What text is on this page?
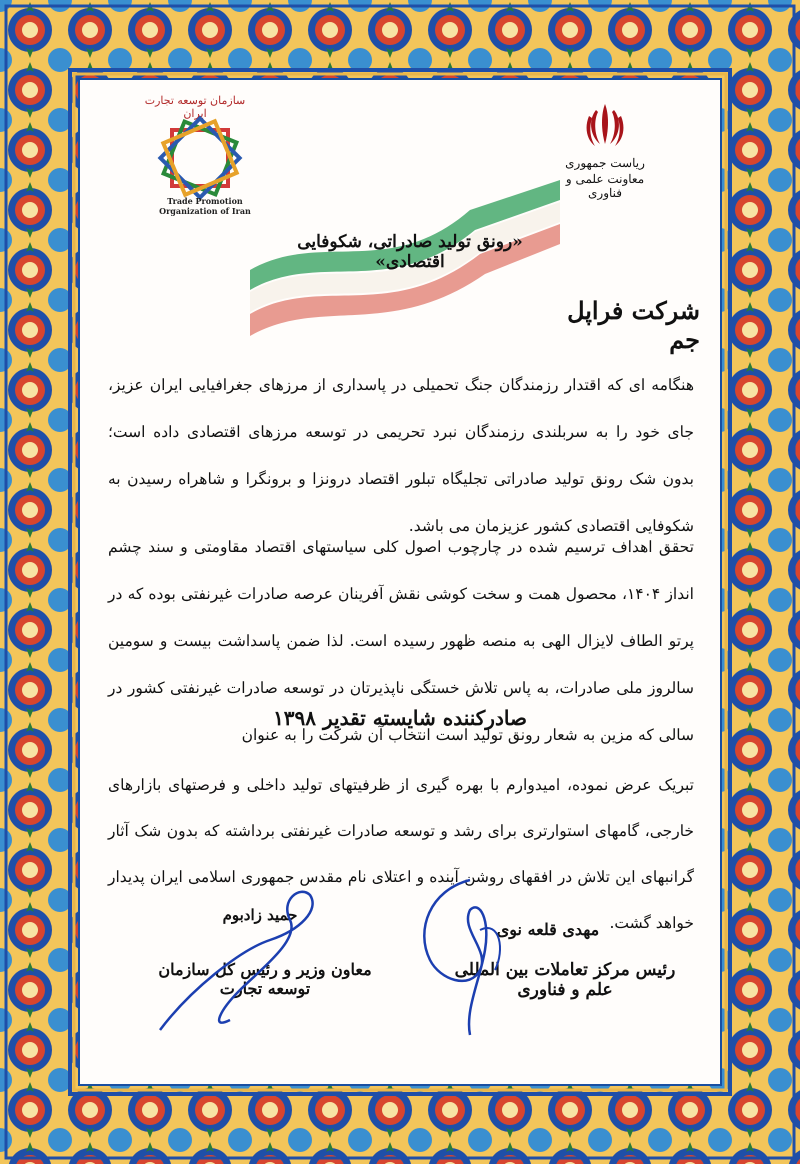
سازمان توسعه تجارت ایران
Trade Promotion Organization of Iran
ریاست جمهوری
معاونت علمی و فناوری
«رونق تولید صادراتی، شکوفایی اقتصادی»
شرکت فراپل جم
هنگامه ای که اقتدار رزمندگان جنگ تحمیلی در پاسداری از مرزهای جغرافیایی ایران عزیز، جای خود را به سربلندی رزمندگان نبرد تحریمی در توسعه مرزهای اقتصادی داده است؛ بدون شک رونق تولید صادراتی تجلیگاه تبلور اقتصاد درونزا و برونگرا و شاهراه رسیدن به شکوفایی اقتصادی کشور عزیزمان می باشد.
تحقق اهداف ترسیم شده در چارچوب اصول کلی سیاستهای اقتصاد مقاومتی و سند چشم انداز ۱۴۰۴، محصول همت و سخت کوشی نقش آفرینان عرصه صادرات غیرنفتی بوده که در پرتو الطاف لایزال الهی به منصه ظهور رسیده است. لذا ضمن پاسداشت بیست و سومین سالروز ملی صادرات، به پاس تلاش خستگی ناپذیرتان در توسعه صادرات غیرنفتی کشور در سالی که مزین به شعار رونق تولید است انتخاب آن شرکت را به عنوان
صادرکننده شایسته تقدیر ۱۳۹۸
تبریک عرض نموده، امیدوارم با بهره گیری از ظرفیتهای تولید داخلی و فرصتهای بازارهای خارجی، گامهای استوارتری برای رشد و توسعه صادرات غیرنفتی برداشته که بدون شک آثار گرانبهای این تلاش در افقهای روشن آینده و اعتلای نام مقدس جمهوری اسلامی ایران پدیدار خواهد گشت.
مهدی قلعه نوی
رئیس مرکز تعاملات بین المللی علم و فناوری
حمید زادبوم
معاون وزیر و رئیس کل سازمان توسعه تجارت
